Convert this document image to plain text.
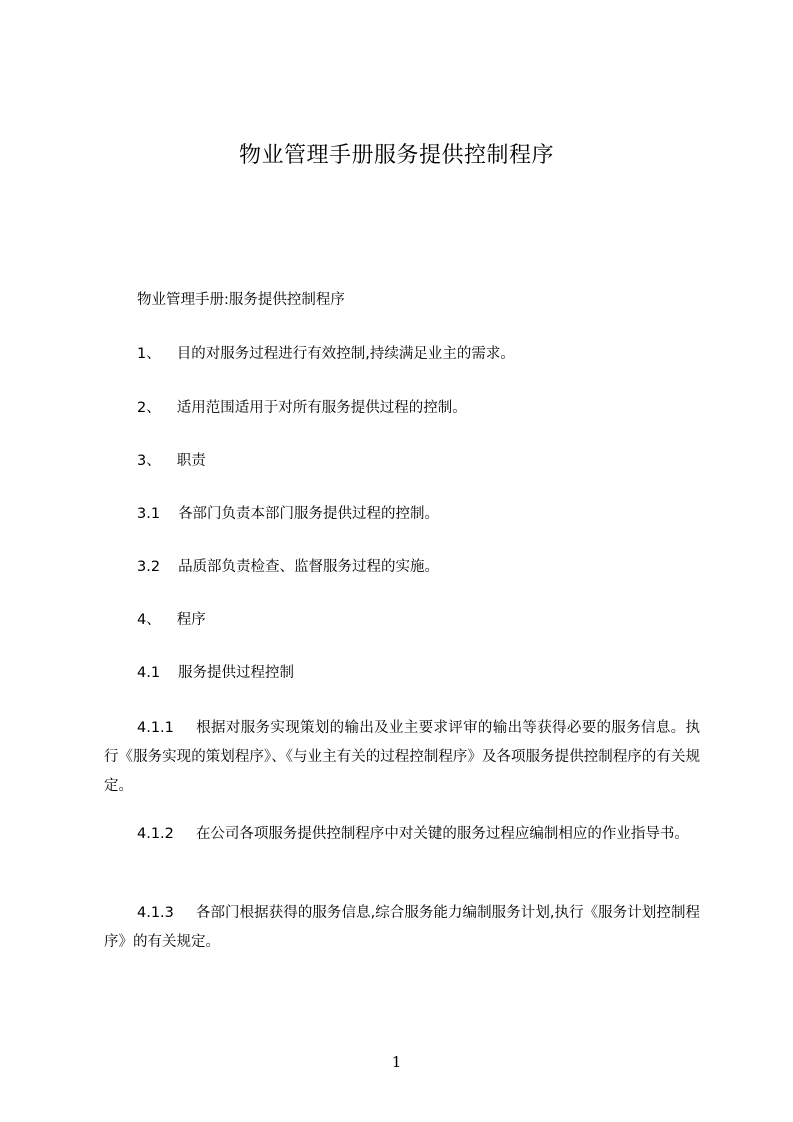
物业管理手册服务提供控制程序
物业管理手册:服务提供控制程序
1、 目的对服务过程进行有效控制,持续满足业主的需求。
2、 适用范围适用于对所有服务提供过程的控制。
3、 职责
3.1 各部门负责本部门服务提供过程的控制。
3.2 品质部负责检查、监督服务过程的实施。
4、 程序
4.1 服务提供过程控制
4.1.1 根据对服务实现策划的输出及业主要求评审的输出等获得必要的服务信息。执行《服务实现的策划程序》、《与业主有关的过程控制程序》及各项服务提供控制程序的有关规定。
4.1.2 在公司各项服务提供控制程序中对关键的服务过程应编制相应的作业指导书。
4.1.3 各部门根据获得的服务信息,综合服务能力编制服务计划,执行《服务计划控制程序》的有关规定。
1
